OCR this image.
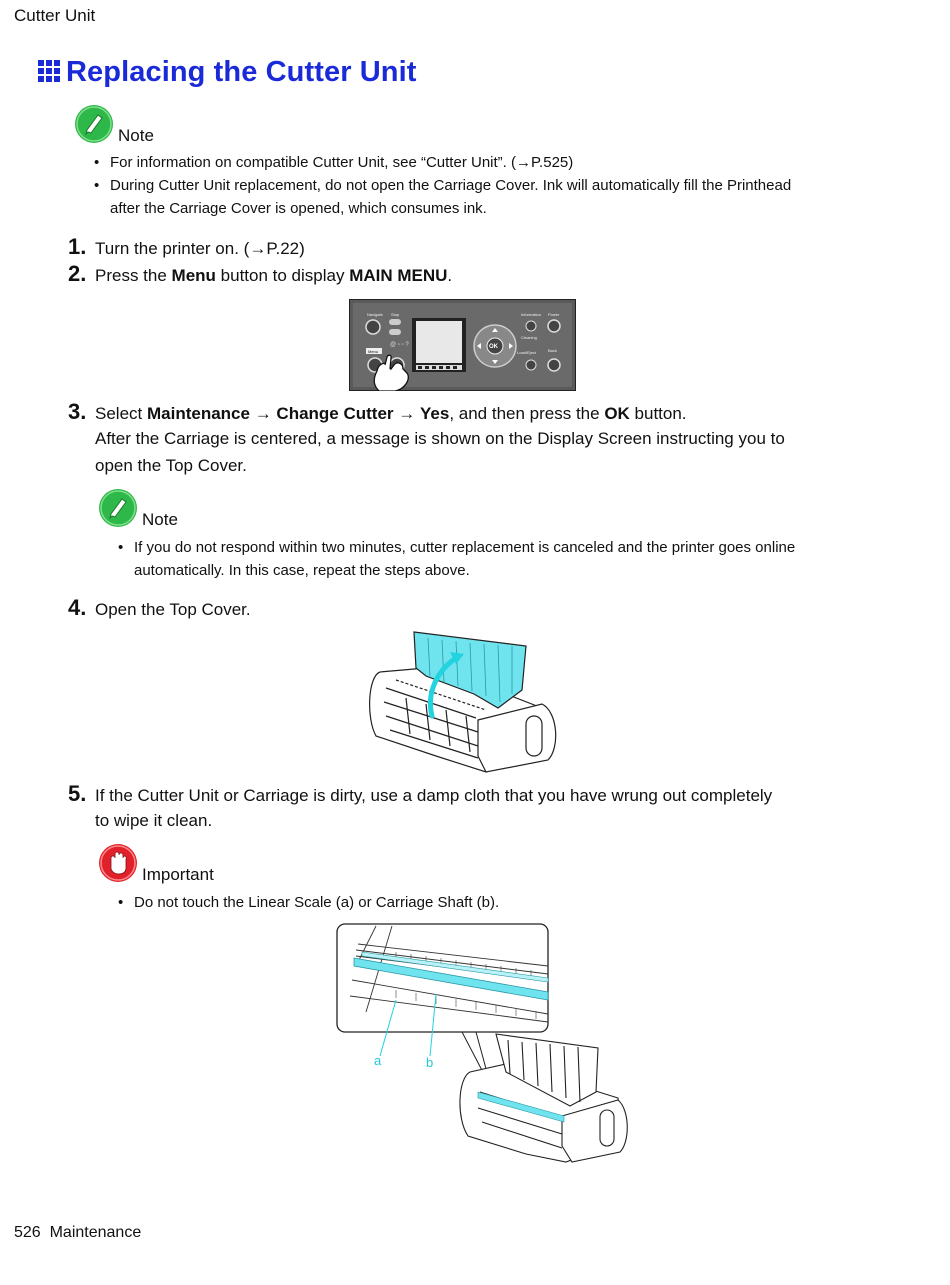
Cutter Unit
Replacing the Cutter Unit
Note
• For information on compatible Cutter Unit, see “Cutter Unit”. (→P.525)
• During Cutter Unit replacement, do not open the Carriage Cover. Ink will automatically fill the Printhead
after the Carriage Cover is opened, which consumes ink.
1. Turn the printer on. (→P.22)
2. Press the Menu button to display MAIN MENU.
Navigate Stop
Menu
@ ▫ ▫ ?	OK
Information Power
Cleaning
Load/Eject	Back
3. Select Maintenance → Change Cutter → Yes, and then press the OK button.
After the Carriage is centered, a message is shown on the Display Screen instructing you to
open the Top Cover.
Note
• If you do not respond within two minutes, cutter replacement is canceled and the printer goes online
automatically. In this case, repeat the steps above.
4. Open the Top Cover.
5. If the Cutter Unit or Carriage is dirty, use a damp cloth that you have wrung out completely
to wipe it clean.
Important
• Do not touch the Linear Scale (a) or Carriage Shaft (b).
a	b
526 Maintenance
